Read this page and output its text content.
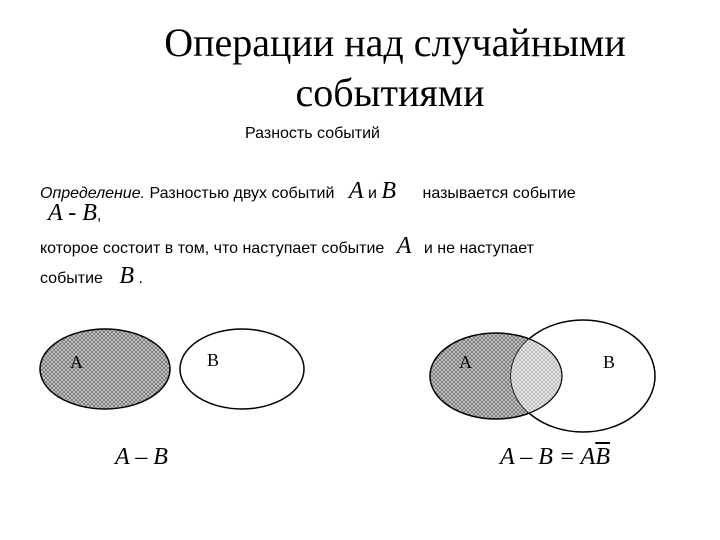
Операции над случайными
событиями
Разность событий
Определение. Разностью двух событий A и B называется событие
A - B,
которое состоит в том, что наступает событие A и не наступает
событие B .
A	B	A	B
A – B	$A - B = A\overline{B}$
